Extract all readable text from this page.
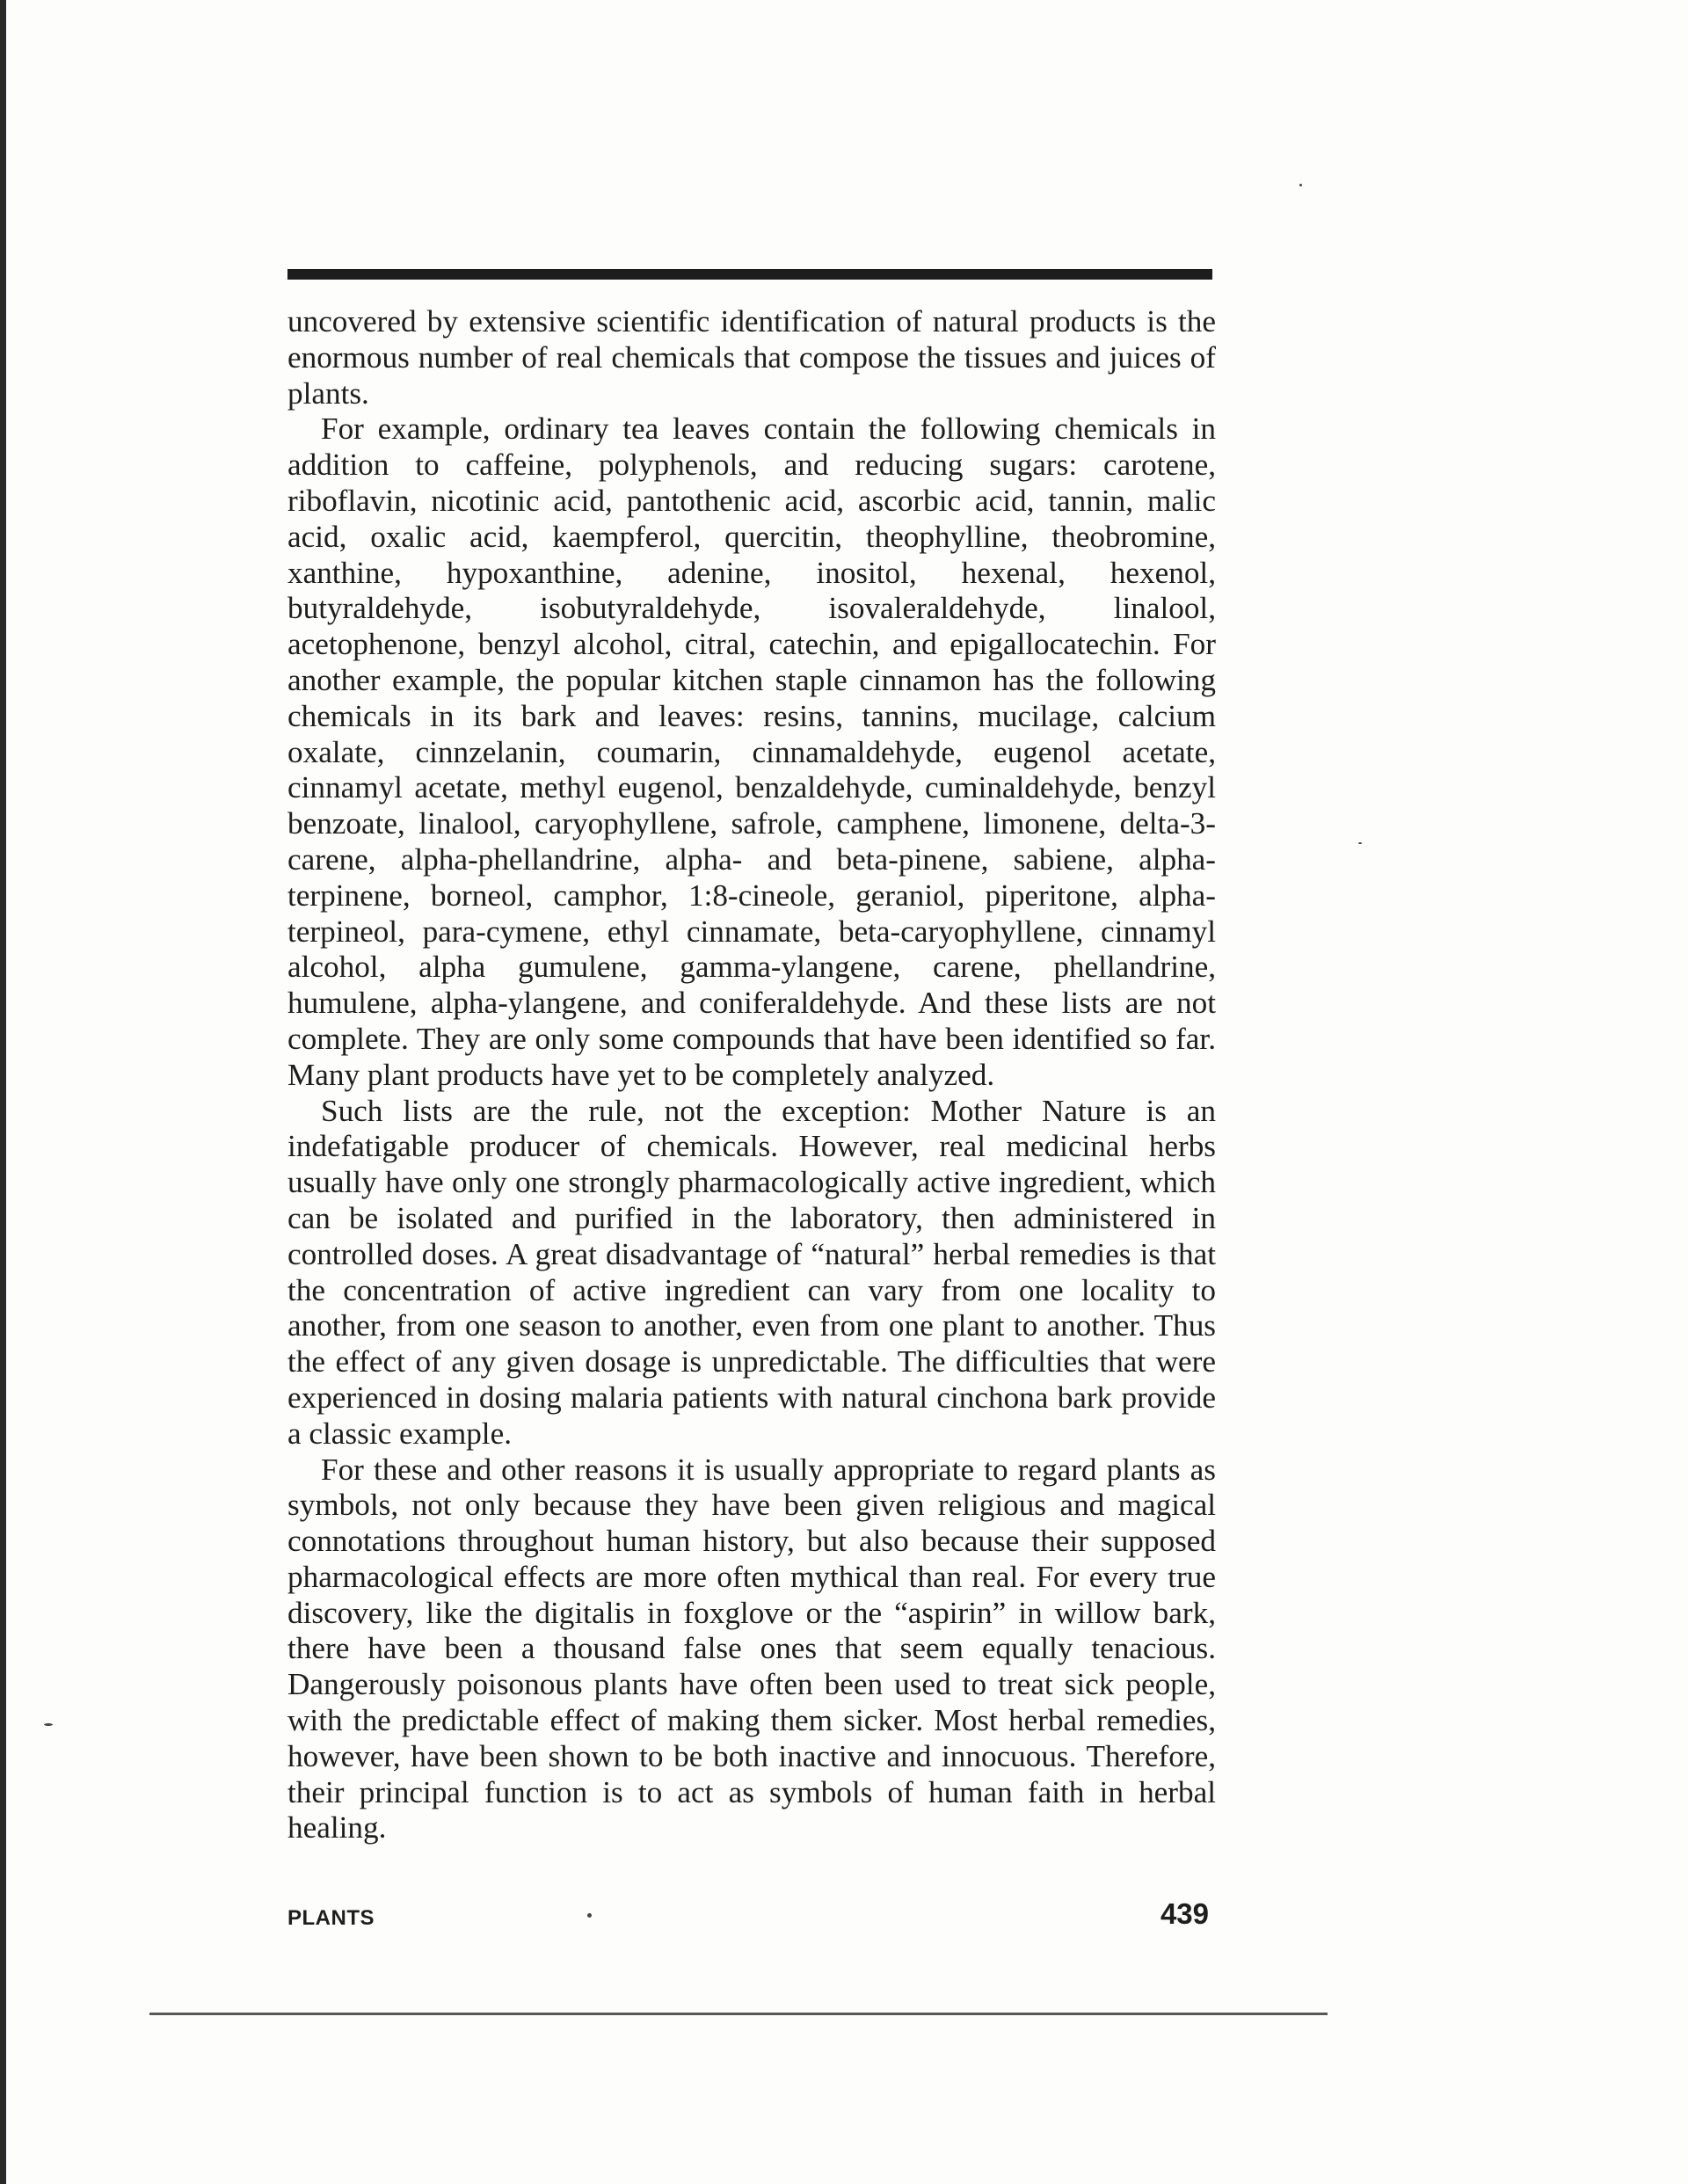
uncovered by extensive scientific identification of natural products is the enormous number of real chemicals that compose the tissues and juices of plants.

For example, ordinary tea leaves contain the following chemicals in addition to caffeine, polyphenols, and reducing sugars: carotene, riboflavin, nicotinic acid, pantothenic acid, ascorbic acid, tannin, malic acid, oxalic acid, kaempferol, quercitin, theophylline, theobromine, xanthine, hypoxanthine, adenine, inositol, hexenal, hexenol, butyraldehyde, isobutyraldehyde, isovaleraldehyde, linalool, acetophenone, benzyl alcohol, citral, catechin, and epigallocatechin. For another example, the popular kitchen staple cinnamon has the following chemicals in its bark and leaves: resins, tannins, mucilage, calcium oxalate, cinnzelanin, coumarin, cinnamaldehyde, eugenol acetate, cinnamyl acetate, methyl eugenol, benzaldehyde, cuminaldehyde, benzyl benzoate, linalool, caryophyllene, safrole, camphene, limonene, delta-3-carene, alpha-phellandrine, alpha- and beta-pinene, sabiene, alpha-terpinene, borneol, camphor, 1:8-cineole, geraniol, piperitone, alpha-terpineol, para-cymene, ethyl cinnamate, beta-caryophyllene, cinnamyl alcohol, alpha gumulene, gamma-ylangene, carene, phellandrine, humulene, alpha-ylangene, and coniferaldehyde. And these lists are not complete. They are only some compounds that have been identified so far. Many plant products have yet to be completely analyzed.

Such lists are the rule, not the exception: Mother Nature is an indefatigable producer of chemicals. However, real medicinal herbs usually have only one strongly pharmacologically active ingredient, which can be isolated and purified in the laboratory, then administered in controlled doses. A great disadvantage of “natural” herbal remedies is that the concentration of active ingredient can vary from one locality to another, from one season to another, even from one plant to another. Thus the effect of any given dosage is unpredictable. The difficulties that were experienced in dosing malaria patients with natural cinchona bark provide a classic example.

For these and other reasons it is usually appropriate to regard plants as symbols, not only because they have been given religious and magical connotations throughout human history, but also because their supposed pharmacological effects are more often mythical than real. For every true discovery, like the digitalis in foxglove or the “aspirin” in willow bark, there have been a thousand false ones that seem equally tenacious. Dangerously poisonous plants have often been used to treat sick people, with the predictable effect of making them sicker. Most herbal remedies, however, have been shown to be both inactive and innocuous. Therefore, their principal function is to act as symbols of human faith in herbal healing.

PLANTS	439
